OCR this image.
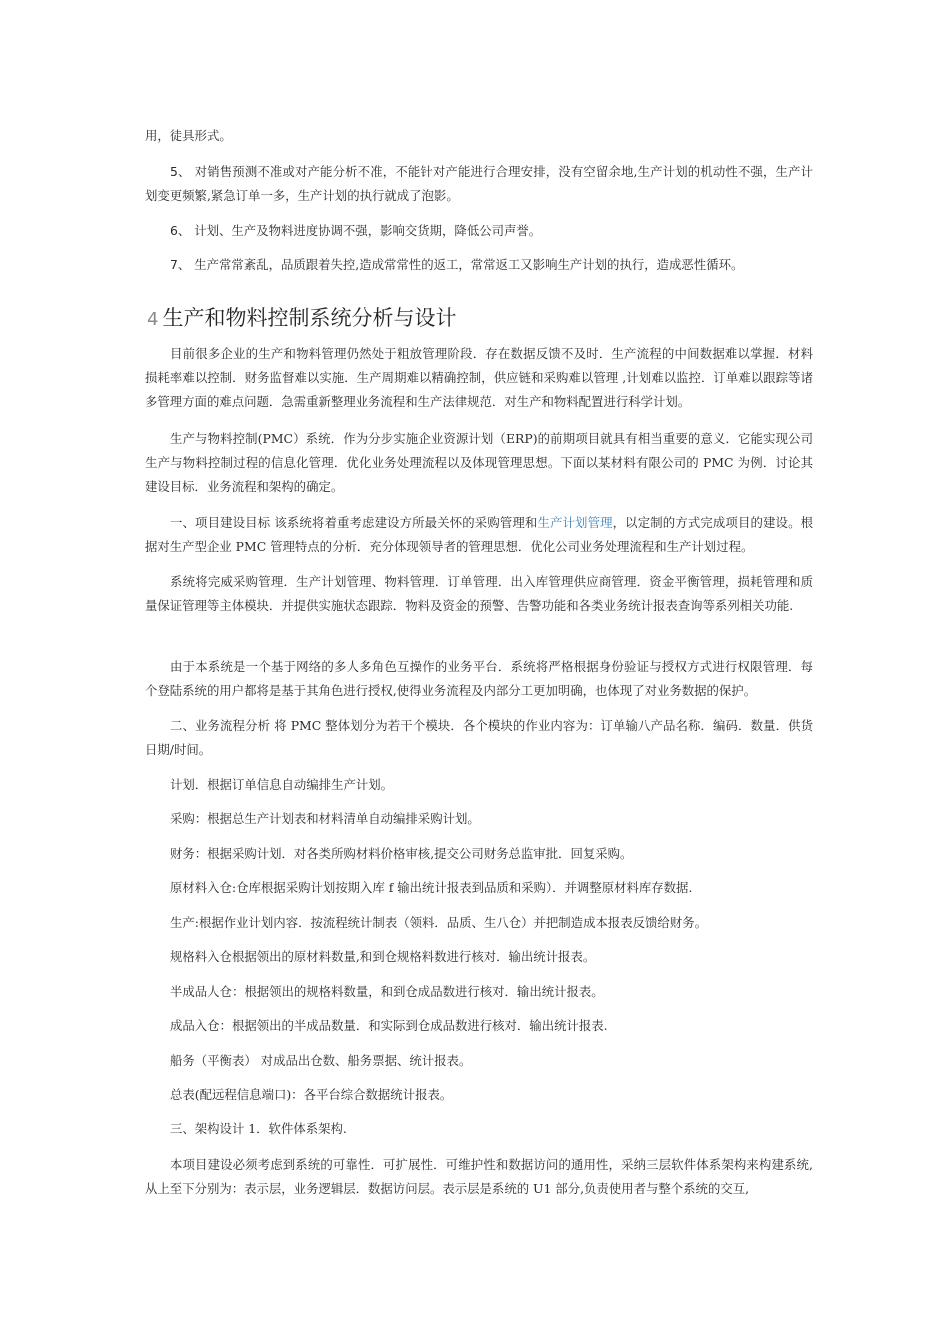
用，徒具形式。

5、 对销售预测不准或对产能分析不准，不能针对产能进行合理安排，没有空留余地,生产计划的机动性不强，生产计划变更频繁,紧急订单一多，生产计划的执行就成了泡影。

6、 计划、生产及物料进度协调不强，影响交货期，降低公司声誉。

7、 生产常常紊乱，品质跟着失控,造成常常性的返工，常常返工又影响生产计划的执行，造成恶性循环。

4 生产和物料控制系统分析与设计

目前很多企业的生产和物料管理仍然处于粗放管理阶段．存在数据反馈不及时．生产流程的中间数据难以掌握．材料损耗率难以控制．财务监督难以实施．生产周期难以精确控制，供应链和采购难以管理 ,计划难以监控．订单难以跟踪等诸多管理方面的难点问题．急需重新整理业务流程和生产法律规范．对生产和物料配置进行科学计划。

生产与物料控制(PMC）系统．作为分步实施企业资源计划（ERP)的前期项目就具有相当重要的意义．它能实现公司生产与物料控制过程的信息化管理．优化业务处理流程以及体现管理思想。下面以某材料有限公司的 PMC 为例．讨论其建设目标．业务流程和架构的确定。

一、项目建设目标 该系统将着重考虑建设方所最关怀的采购管理和生产计划管理，以定制的方式完成项目的建设。根据对生产型企业 PMC 管理特点的分析．充分体现领导者的管理思想．优化公司业务处理流程和生产计划过程。

系统将完威采购管理．生产计划管理、物料管理．订单管理．出入库管理供应商管理．资金平衡管理，损耗管理和质量保证管理等主体模块．并提供实施状态跟踪．物料及资金的预警、告警功能和各类业务统计报表查询等系列相关功能.

由于本系统是一个基于网络的多人多角色互操作的业务平台．系统将严格根据身份验证与授权方式进行权限管理．每个登陆系统的用户都将是基于其角色进行授权,使得业务流程及内部分工更加明确，也体现了对业务数据的保护。

二、业务流程分析 将 PMC 整体划分为若干个模块．各个模块的作业内容为：订单输八产品名称．编码．数量．供货日期/时间。

计划．根据订单信息自动编排生产计划。

采购：根据总生产计划表和材料清单自动编排采购计划。

财务：根据采购计划．对各类所购材料价格审核,提交公司财务总监审批．回复采购。

原材料入仓:仓库根据采购计划按期入库 f 输出统计报表到品质和采购）．并调整原材料库存数据.

生产:根据作业计划内容．按流程统计制表（领料．品质、生八仓）并把制造成本报表反馈给财务。

规格料入仓根据领出的原材料数量,和到仓规格料数进行核对．输出统计报表。

半成品人仓：根据领出的规格料数量，和到仓成品数进行核对．输出统计报表。

成品入仓：根据领出的半成品数量．和实际到仓成品数进行核对．输出统计报表.

船务（平衡表） 对成品出仓数、船务票据、统计报表。

总表(配远程信息端口)：各平台综合数据统计报表。

三、架构设计 1．软件体系架构.

本项目建设必须考虑到系统的可靠性．可扩展性．可维护性和数据访问的通用性，采纳三层软件体系架构来构建系统,从上至下分别为：表示层，业务逻辑层．数据访问层。表示层是系统的 U1 部分,负责使用者与整个系统的交互,
